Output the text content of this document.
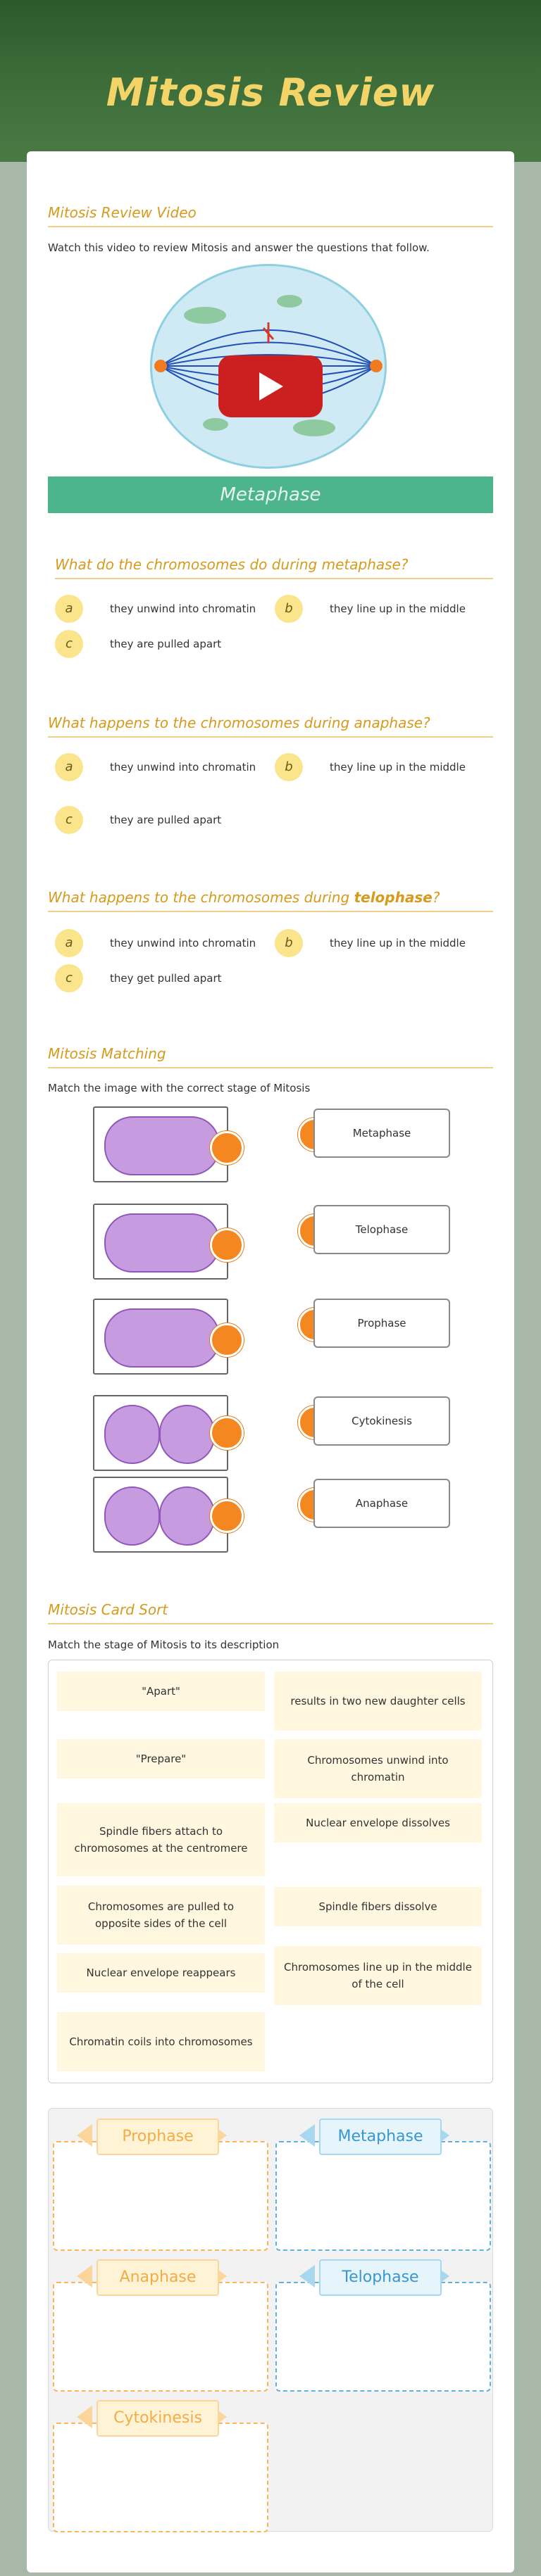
Mitosis Review
Mitosis Review Video
Watch this video to review Mitosis and answer the questions that follow.
Metaphase
What do the chromosomes do during metaphase?
a	they unwind into chromatin	b	they line up in the middle
c	they are pulled apart
What happens to the chromosomes during anaphase?
a	they unwind into chromatin	b	they line up in the middle
c	they are pulled apart
What happens to the chromosomes during telophase?
a	they unwind into chromatin	b	they line up in the middle
c	they get pulled apart
Mitosis Matching
Match the image with the correct stage of Mitosis
Metaphase
Telophase
Prophase
Cytokinesis
Anaphase
Mitosis Card Sort
Match the stage of Mitosis to its description
"Apart"
results in two new daughter cells
"Prepare"	Chromosomes unwind into chromatin
Spindle fibers attach to chromosomes at the centromere
Nuclear envelope dissolves
Chromosomes are pulled to opposite sides of the cell
Spindle fibers dissolve
Nuclear envelope reappears	Chromosomes line up in the middle of the cell
Chromatin coils into chromosomes
Prophase	Metaphase
Anaphase	Telophase
Cytokinesis
